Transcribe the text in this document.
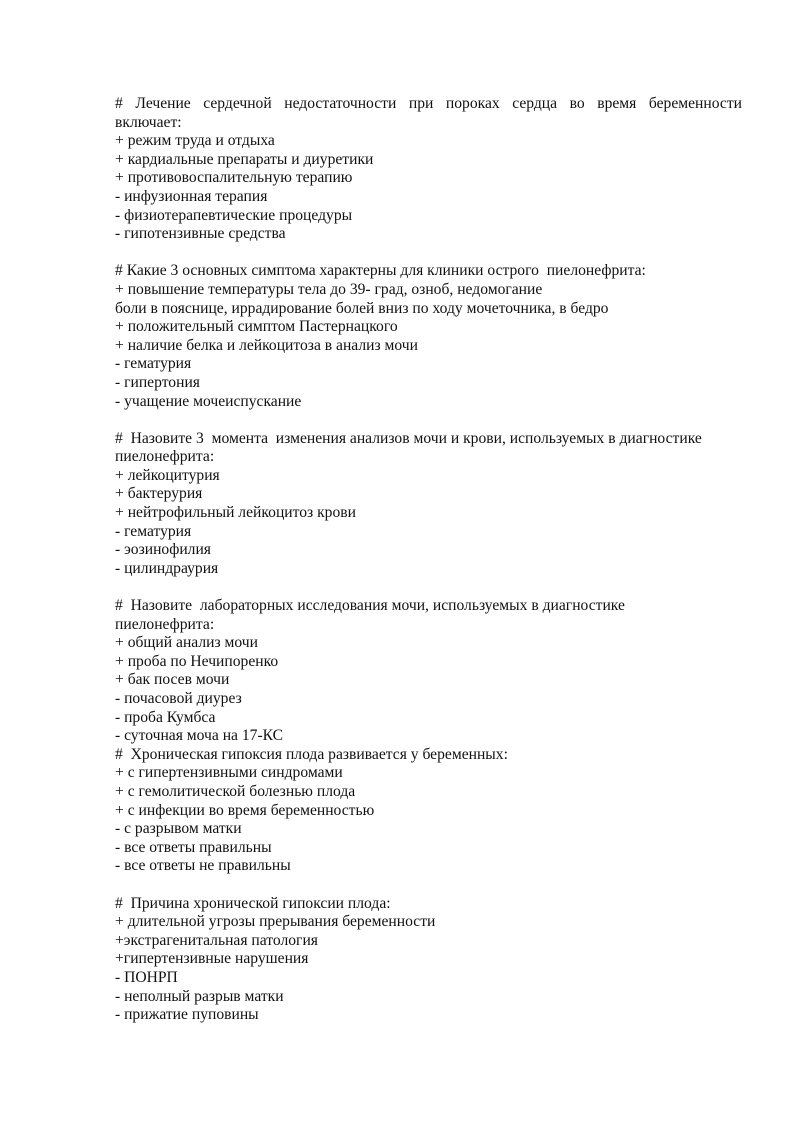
# Лечение сердечной недостаточности при пороках сердца во время беременности
включает:
+ режим труда и отдыха
+ кардиальные препараты и диуретики
+ противовоспалительную терапию
- инфузионная терапия
- физиотерапевтические процедуры
- гипотензивные средства
# Какие 3 основных симптома характерны для клиники острого  пиелонефрита:
+ повышение температуры тела до 39- град, озноб, недомогание
боли в пояснице, иррадирование болей вниз по ходу мочеточника, в бедро
+ положительный симптом Пастернацкого
+ наличие белка и лейкоцитоза в анализ мочи
- гематурия
- гипертония
- учащение мочеиспускание
#  Назовите 3  момента  изменения анализов мочи и крови, используемых в диагностике
пиелонефрита:
+ лейкоцитурия
+ бактерурия
+ нейтрофильный лейкоцитоз крови
- гематурия
- эозинофилия
- цилиндраурия
#  Назовите  лабораторных исследования мочи, используемых в диагностике
пиелонефрита:
+ общий анализ мочи
+ проба по Нечипоренко
+ бак посев мочи
- почасовой диурез
- проба Кумбса
- суточная моча на 17-КС
#  Хроническая гипоксия плода развивается у беременных:
+ с гипертензивными синдромами
+ с гемолитической болезнью плода
+ с инфекции во время беременностью
- с разрывом матки
- все ответы правильны
- все ответы не правильны
#  Причина хронической гипоксии плода:
+ длительной угрозы прерывания беременности
+экстрагенитальная патология
+гипертензивные нарушения
- ПОНРП
- неполный разрыв матки
- прижатие пуповины
